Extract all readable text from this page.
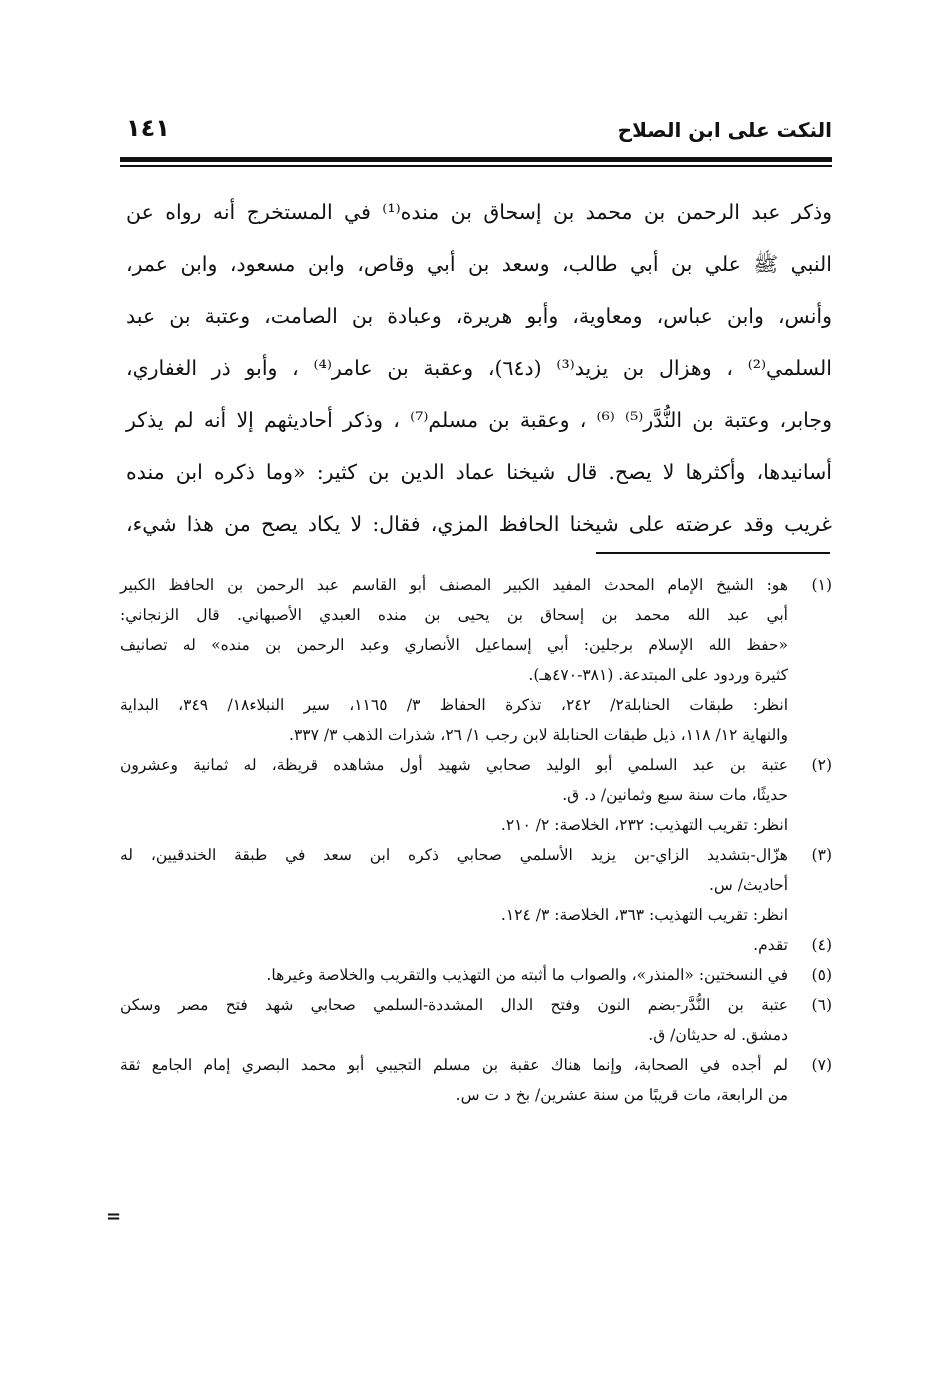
النكت على ابن الصلاح
١٤١
وذكر عبد الرحمن بن محمد بن إسحاق بن منده⁽¹⁾ في المستخرج أنه رواه عن
النبي ﷺ علي بن أبي طالب، وسعد بن أبي وقاص، وابن مسعود، وابن عمر،
وأنس، وابن عباس، ومعاوية، وأبو هريرة، وعبادة بن الصامت، وعتبة بن عبد
السلمي⁽²⁾ ، وهزال بن يزيد⁽³⁾ (د٦٤)، وعقبة بن عامر⁽⁴⁾ ، وأبو ذر الغفاري،
وجابر، وعتبة بن النُّدَّر⁽⁵⁾ ⁽⁶⁾ ، وعقبة بن مسلم⁽⁷⁾ ، وذكر أحاديثهم إلا أنه لم يذكر
أسانيدها، وأكثرها لا يصح. قال شيخنا عماد الدين بن كثير: «وما ذكره ابن منده
غريب وقد عرضته على شيخنا الحافظ المزي، فقال: لا يكاد يصح من هذا شيء،
(١)
هو: الشيخ الإمام المحدث المفيد الكبير المصنف أبو القاسم عبد الرحمن بن الحافظ الكبير
أبي عبد الله محمد بن إسحاق بن يحيى بن منده العبدي الأصبهاني. قال الزنجاني:
«حفظ الله الإسلام برجلين: أبي إسماعيل الأنصاري وعبد الرحمن بن منده» له تصانيف
كثيرة وردود على المبتدعة. (٣٨١-٤٧٠هـ).
انظر: طبقات الحنابلة٢/ ٢٤٢، تذكرة الحفاظ ٣/ ١١٦٥، سير النبلاء١٨/ ٣٤٩، البداية
والنهاية ١٢/ ١١٨، ذيل طبقات الحنابلة لابن رجب ١/ ٢٦، شذرات الذهب ٣/ ٣٣٧.
(٢)
عتبة بن عبد السلمي أبو الوليد صحابي شهيد أول مشاهده قريظة، له ثمانية وعشرون
حديثًا، مات سنة سبع وثمانين/ د. ق.
انظر: تقريب التهذيب: ٢٣٢، الخلاصة: ٢/ ٢١٠.
(٣)
هزّال-بتشديد الزاي-بن يزيد الأسلمي صحابي ذكره ابن سعد في طبقة الخندقيين، له
أحاديث/ س.
انظر: تقريب التهذيب: ٣٦٣، الخلاصة: ٣/ ١٢٤.
(٤)
تقدم.
(٥)
في النسختين: «المنذر»، والصواب ما أثبته من التهذيب والتقريب والخلاصة وغيرها.
(٦)
عتبة بن النُّدَّر-بضم النون وفتح الدال المشددة-السلمي صحابي شهد فتح مصر وسكن
دمشق. له حديثان/ ق.
(٧)
لم أجده في الصحابة، وإنما هناك عقبة بن مسلم التجيبي أبو محمد البصري إمام الجامع ثقة
من الرابعة، مات قريبًا من سنة عشرين/ بخ د ت س.
=
